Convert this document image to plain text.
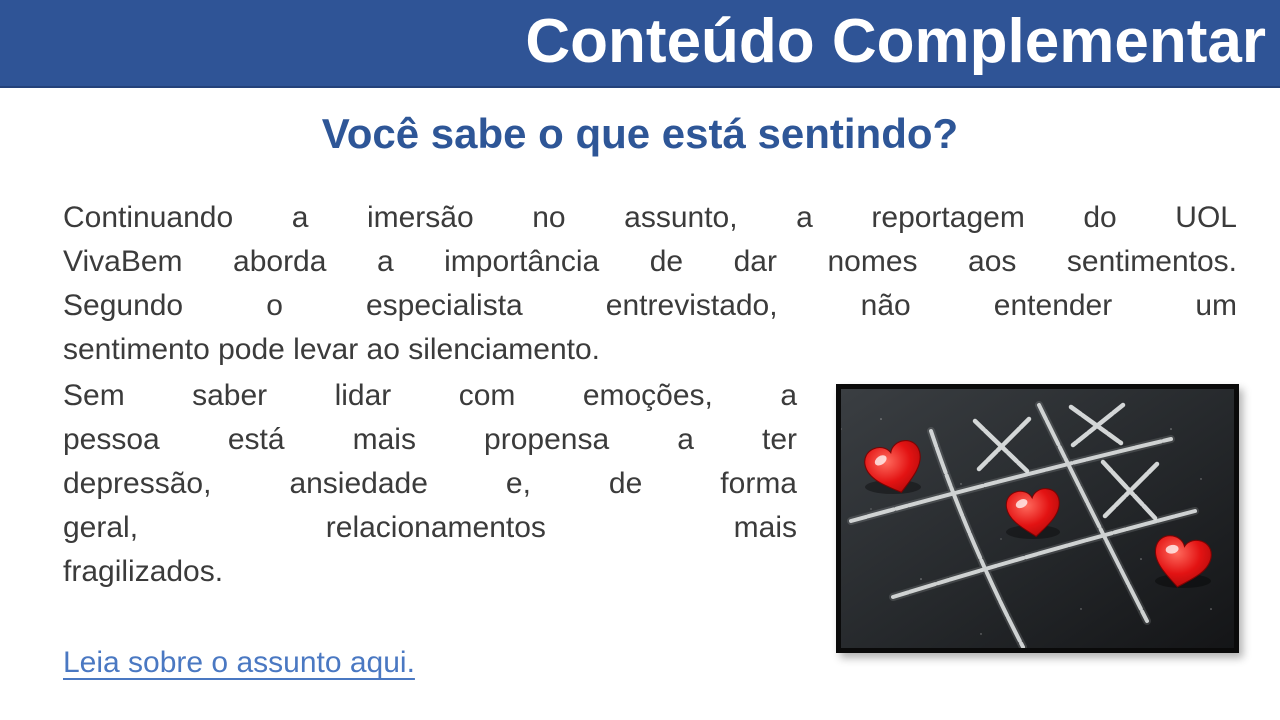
Conteúdo Complementar
Você sabe o que está sentindo?
Continuando a imersão no assunto, a reportagem do UOL
VivaBem aborda a importância de dar nomes aos sentimentos.
Segundo o especialista entrevistado, não entender um
sentimento pode levar ao silenciamento.
Sem saber lidar com emoções, a
pessoa está mais propensa a ter
depressão, ansiedade e, de forma
geral, relacionamentos mais
fragilizados.
Leia sobre o assunto aqui.
